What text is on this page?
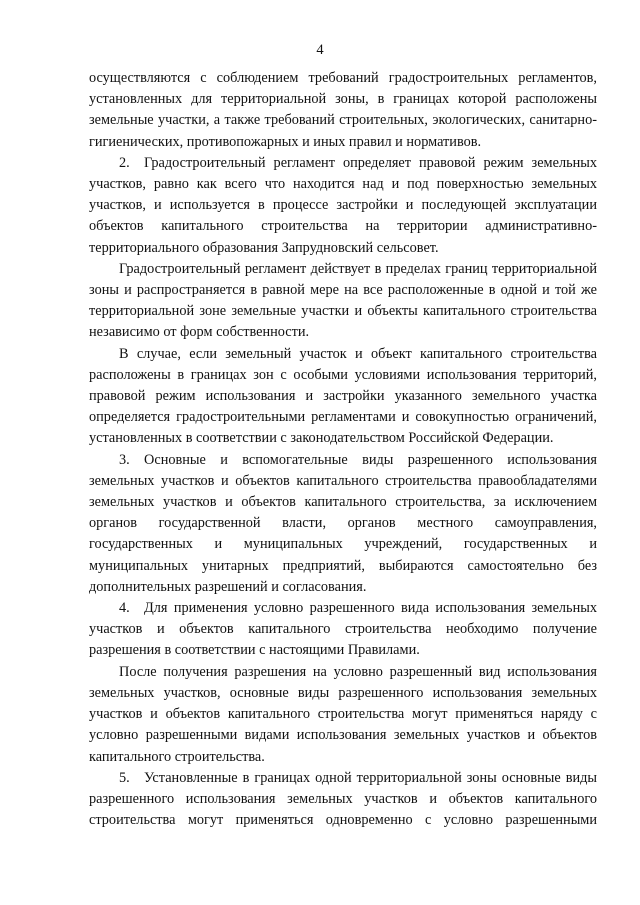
4

осуществляются с соблюдением требований градостроительных регламентов, установленных для территориальной зоны, в границах которой расположены земельные участки, а также требований строительных, экологических, санитарно-гигиенических, противопожарных и иных правил и нормативов.

2. Градостроительный регламент определяет правовой режим земельных участков, равно как всего что находится над и под поверхностью земельных участков, и используется в процессе застройки и последующей эксплуатации объектов капитального строительства на территории административно-территориального образования Запрудновский сельсовет.

Градостроительный регламент действует в пределах границ территориальной зоны и распространяется в равной мере на все расположенные в одной и той же территориальной зоне земельные участки и объекты капитального строительства независимо от форм собственности.

В случае, если земельный участок и объект капитального строительства расположены в границах зон с особыми условиями использования территорий, правовой режим использования и застройки указанного земельного участка определяется градостроительными регламентами и совокупностью ограничений, установленных в соответствии с законодательством Российской Федерации.

3. Основные и вспомогательные виды разрешенного использования земельных участков и объектов капитального строительства правообладателями земельных участков и объектов капитального строительства, за исключением органов государственной власти, органов местного самоуправления, государственных и муниципальных учреждений, государственных и муниципальных унитарных предприятий, выбираются самостоятельно без дополнительных разрешений и согласования.

4. Для применения условно разрешенного вида использования земельных участков и объектов капитального строительства необходимо получение разрешения в соответствии с настоящими Правилами.

После получения разрешения на условно разрешенный вид использования земельных участков, основные виды разрешенного использования земельных участков и объектов капитального строительства могут применяться наряду с условно разрешенными видами использования земельных участков и объектов капитального строительства.

5. Установленные в границах одной территориальной зоны основные виды разрешенного использования земельных участков и объектов капитального строительства могут применяться одновременно с условно разрешенными
